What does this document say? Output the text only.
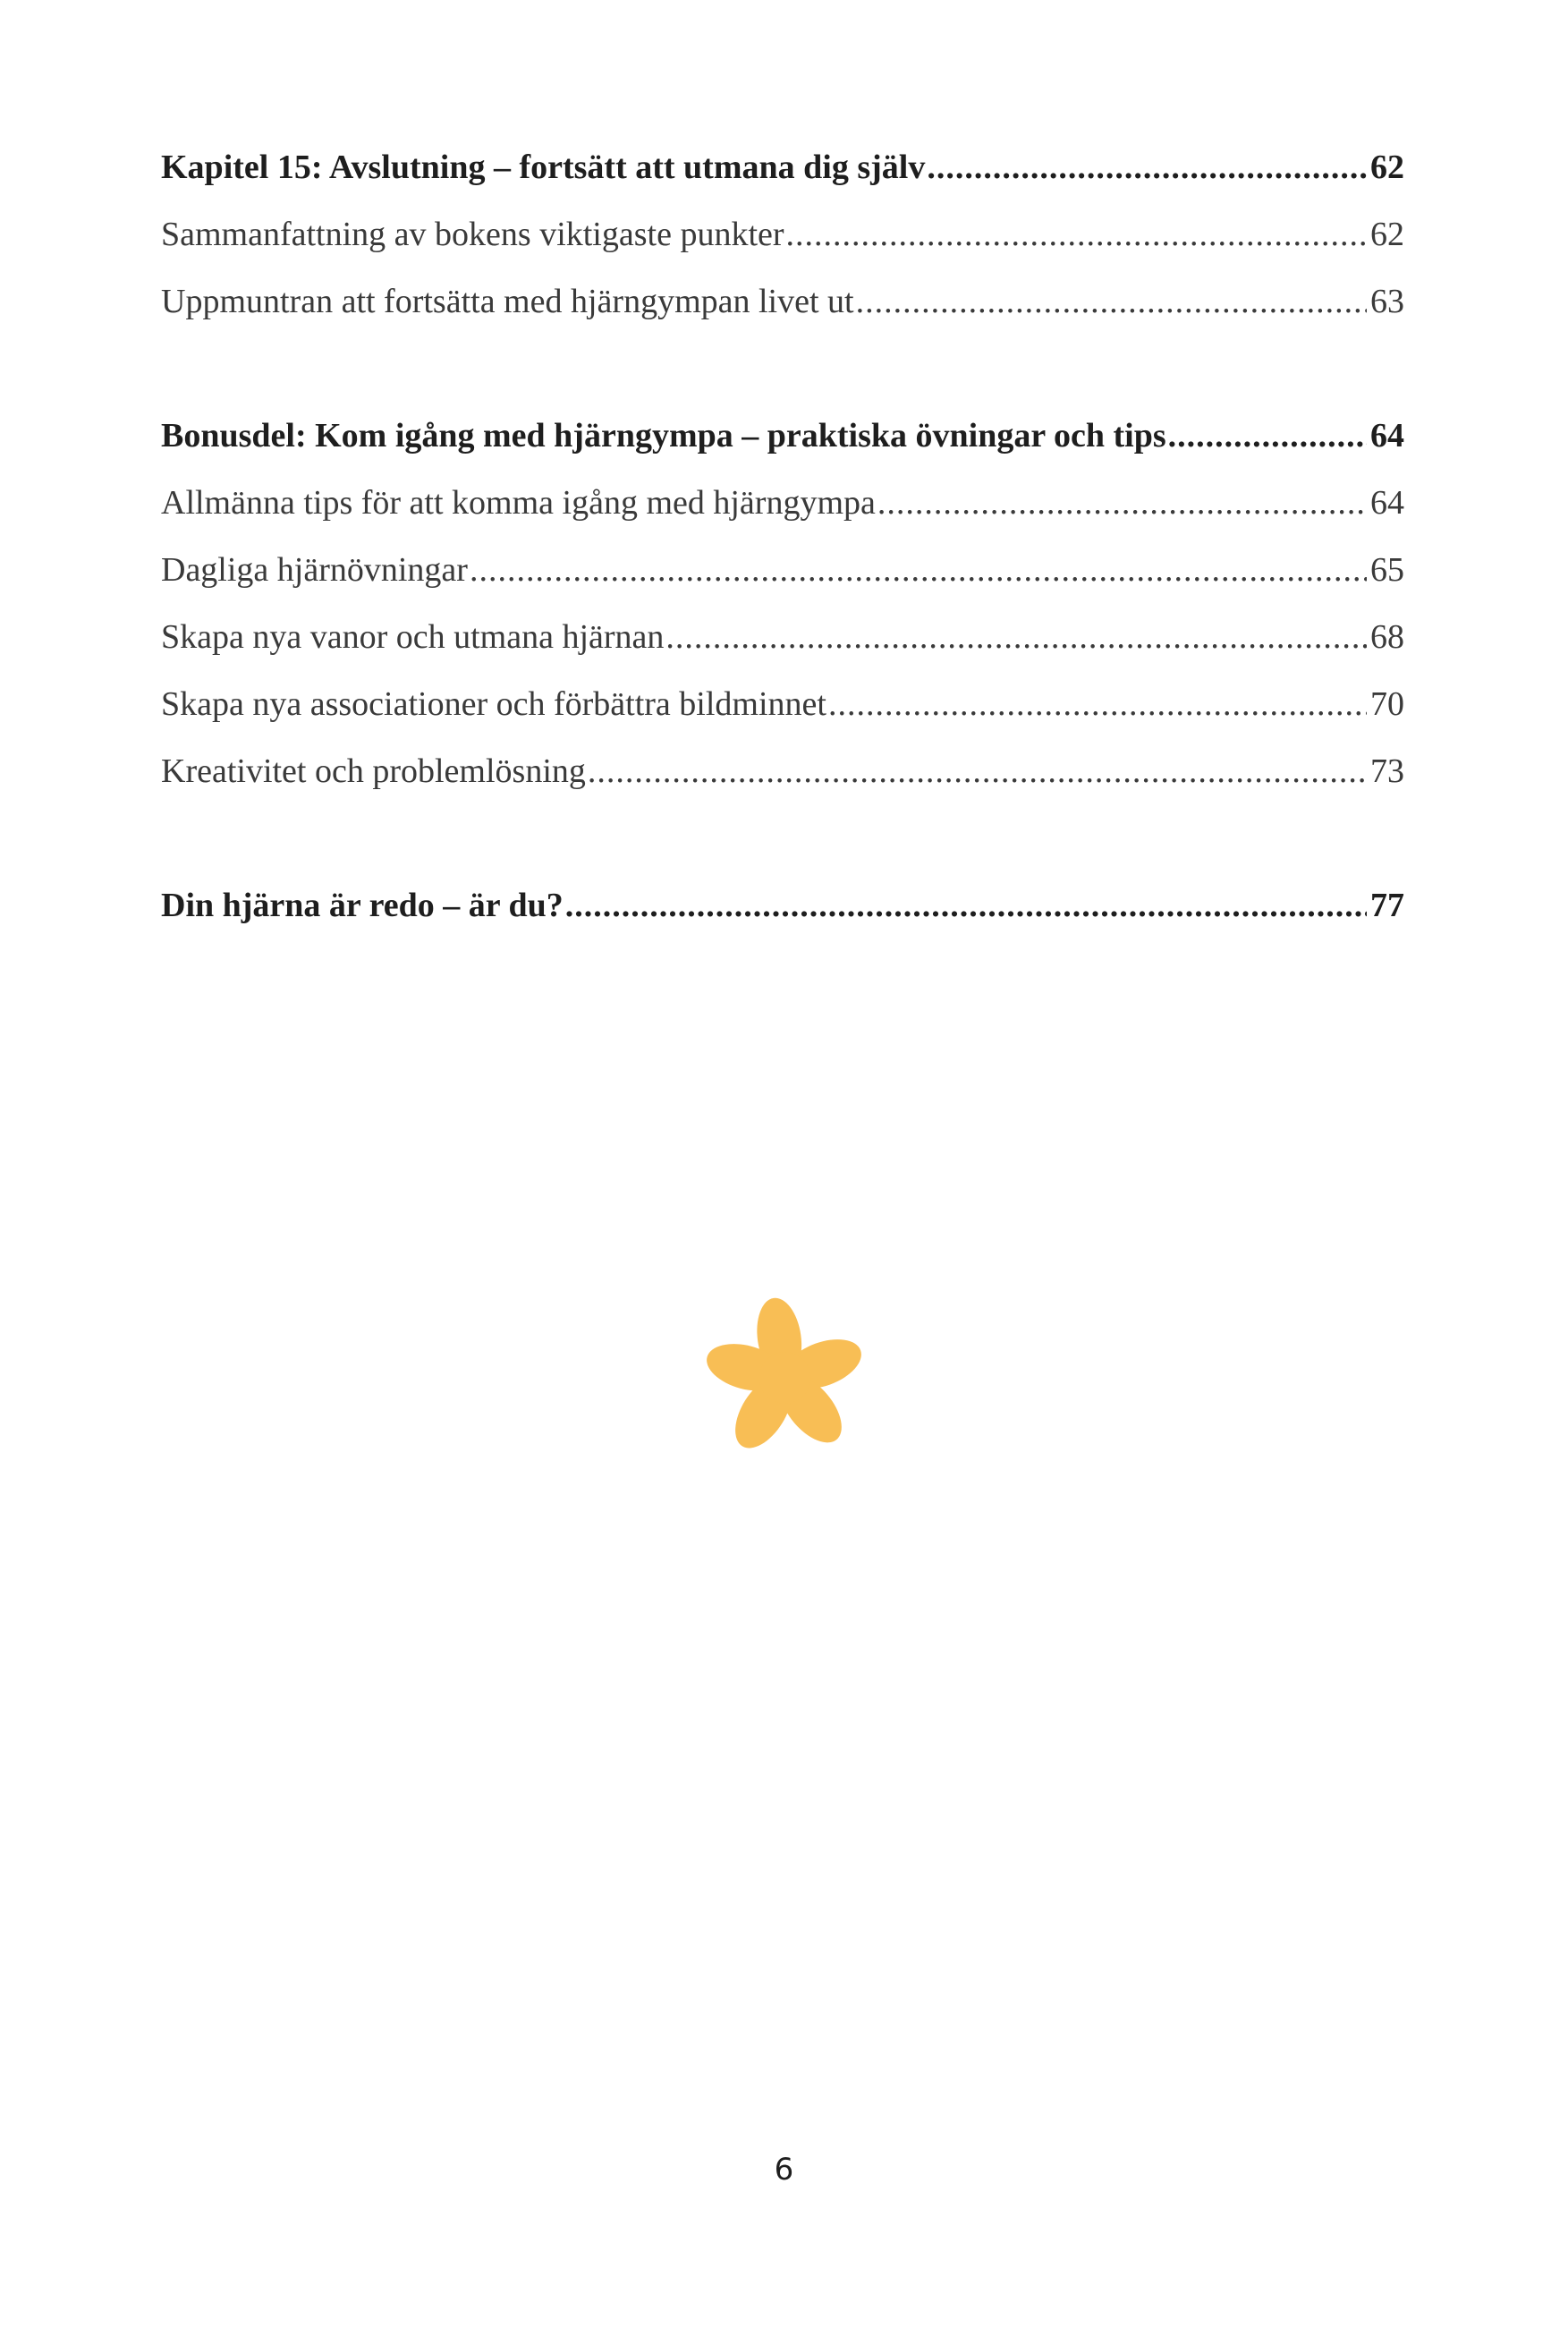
Kapitel 15: Avslutning – fortsätt att utmana dig själv .....	62
Sammanfattning av bokens viktigaste punkter .....	62
Uppmuntran att fortsätta med hjärngympan livet ut .....	63
Bonusdel: Kom igång med hjärngympa – praktiska övningar och tips .....	64
Allmänna tips för att komma igång med hjärngympa .....	64
Dagliga hjärnövningar .....	65
Skapa nya vanor och utmana hjärnan .....	68
Skapa nya associationer och förbättra bildminnet .....	70
Kreativitet och problemlösning .....	73
Din hjärna är redo – är du? .....	77
6
